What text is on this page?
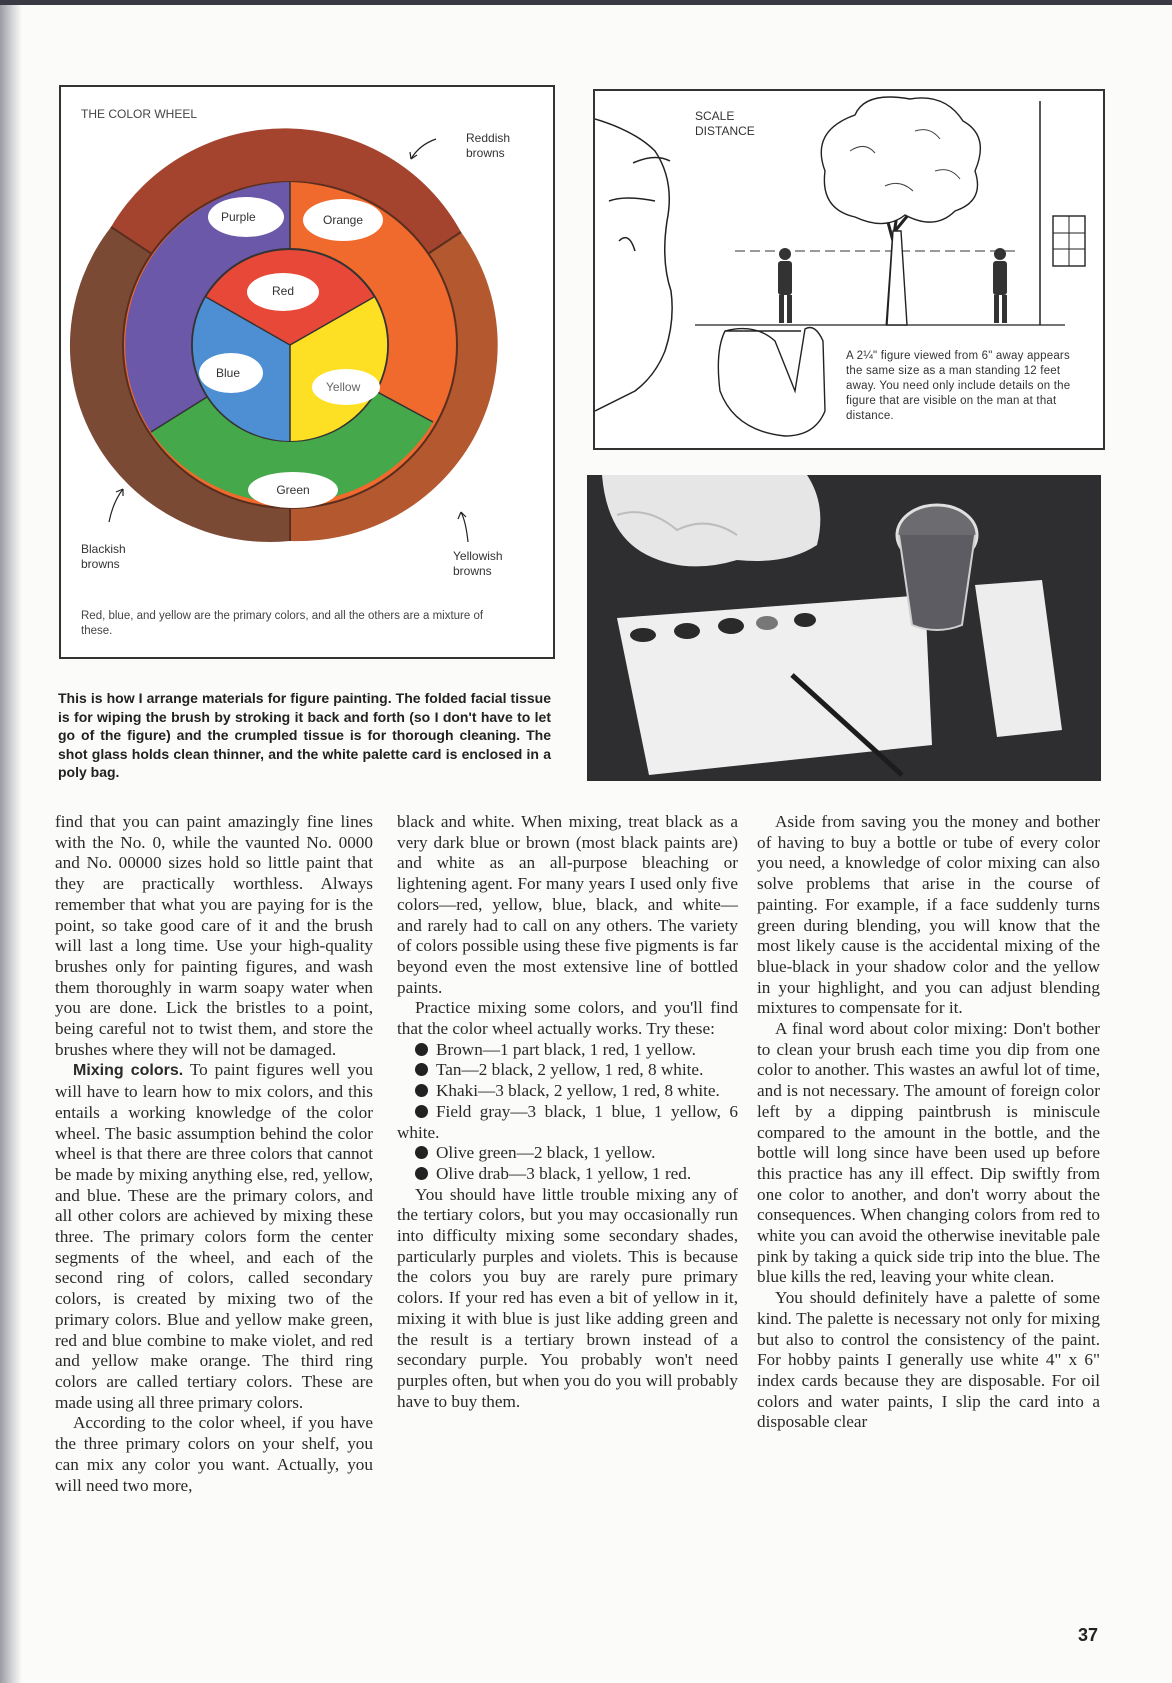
THE COLOR WHEEL
Purple	Orange
Red
Blue
Yellow
Green
Reddish browns
Blackish browns
Yellowish browns
Red, blue, and yellow are the primary colors, and all the others are a mixture of these.
SCALE DISTANCE
A 2¼" figure viewed from 6" away appears the same size as a man standing 12 feet away. You need only include details on the figure that are visible on the man at that distance.
This is how I arrange materials for figure painting. The folded facial tissue is for wiping the brush by stroking it back and forth (so I don't have to let go of the figure) and the crumpled tissue is for thorough cleaning. The shot glass holds clean thinner, and the white palette card is enclosed in a poly bag.

find that you can paint amazingly fine lines with the No. 0, while the vaunted No. 0000 and No. 00000 sizes hold so little paint that they are practically worthless. Always remember that what you are paying for is the point, so take good care of it and the brush will last a long time. Use your high-quality brushes only for painting figures, and wash them thoroughly in warm soapy water when you are done. Lick the bristles to a point, being careful not to twist them, and store the brushes where they will not be damaged.

Mixing colors. To paint figures well you will have to learn how to mix colors, and this entails a working knowledge of the color wheel. The basic assumption behind the color wheel is that there are three colors that cannot be made by mixing anything else, red, yellow, and blue. These are the primary colors, and all other colors are achieved by mixing these three. The primary colors form the center segments of the wheel, and each of the second ring of colors, called secondary colors, is created by mixing two of the primary colors. Blue and yellow make green, red and blue combine to make violet, and red and yellow make orange. The third ring colors are called tertiary colors. These are made using all three primary colors.

According to the color wheel, if you have the three primary colors on your shelf, you can mix any color you want. Actually, you will need two more,

black and white. When mixing, treat black as a very dark blue or brown (most black paints are) and white as an all-purpose bleaching or lightening agent. For many years I used only five colors—red, yellow, blue, black, and white— and rarely had to call on any others. The variety of colors possible using these five pigments is far beyond even the most extensive line of bottled paints.

Practice mixing some colors, and you'll find that the color wheel actually works. Try these:

Brown—1 part black, 1 red, 1 yellow.

Tan—2 black, 2 yellow, 1 red, 8 white.

Khaki—3 black, 2 yellow, 1 red, 8 white.

Field gray—3 black, 1 blue, 1 yellow, 6 white.

Olive green—2 black, 1 yellow.

Olive drab—3 black, 1 yellow, 1 red.

You should have little trouble mixing any of the tertiary colors, but you may occasionally run into difficulty mixing some secondary shades, particularly purples and violets. This is because the colors you buy are rarely pure primary colors. If your red has even a bit of yellow in it, mixing it with blue is just like adding green and the result is a tertiary brown instead of a secondary purple. You probably won't need purples often, but when you do you will probably have to buy them.

Aside from saving you the money and bother of having to buy a bottle or tube of every color you need, a knowledge of color mixing can also solve problems that arise in the course of painting. For example, if a face suddenly turns green during blending, you will know that the most likely cause is the accidental mixing of the blue-black in your shadow color and the yellow in your highlight, and you can adjust blending mixtures to compensate for it.

A final word about color mixing: Don't bother to clean your brush each time you dip from one color to another. This wastes an awful lot of time, and is not necessary. The amount of foreign color left by a dipping paintbrush is miniscule compared to the amount in the bottle, and the bottle will long since have been used up before this practice has any ill effect. Dip swiftly from one color to another, and don't worry about the consequences. When changing colors from red to white you can avoid the otherwise inevitable pale pink by taking a quick side trip into the blue. The blue kills the red, leaving your white clean.

You should definitely have a palette of some kind. The palette is necessary not only for mixing but also to control the consistency of the paint. For hobby paints I generally use white 4" x 6" index cards because they are disposable. For oil colors and water paints, I slip the card into a disposable clear

37
